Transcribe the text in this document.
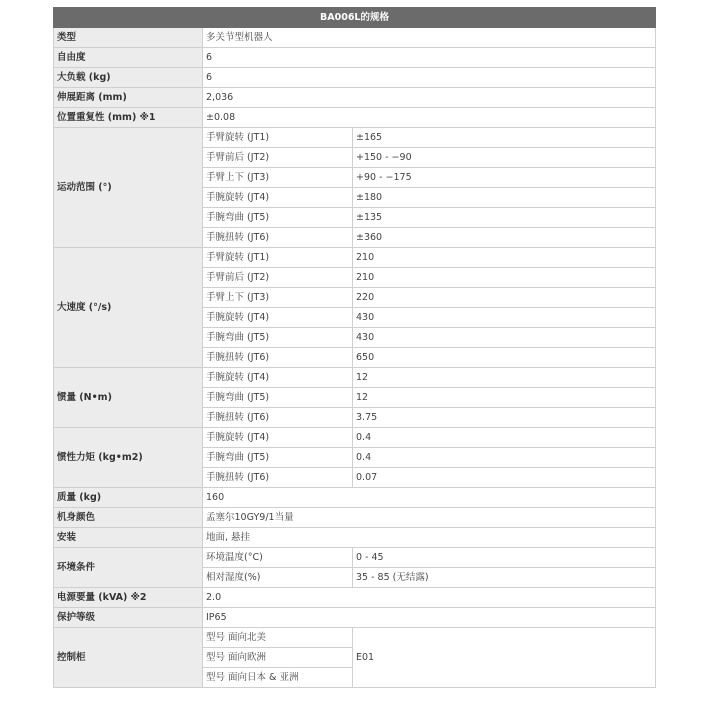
BA006L的规格		
类型	多关节型机器人	
自由度	6	
大负载 (kg)	6	
伸展距离 (mm)	2,036	
位置重复性 (mm) ※1	±0.08	
运动范围 (°)	手臂旋转 (JT1)	±165
	手臂前后 (JT2)	+150 - −90
	手臂上下 (JT3)	+90 - −175
	手腕旋转 (JT4)	±180
	手腕弯曲 (JT5)	±135
	手腕扭转 (JT6)	±360
大速度 (°/s)	手臂旋转 (JT1)	210
	手臂前后 (JT2)	210
	手臂上下 (JT3)	220
	手腕旋转 (JT4)	430
	手腕弯曲 (JT5)	430
	手腕扭转 (JT6)	650
惯量 (N•m)	手腕旋转 (JT4)	12
	手腕弯曲 (JT5)	12
	手腕扭转 (JT6)	3.75
惯性力矩 (kg•m2)	手腕旋转 (JT4)	0.4
	手腕弯曲 (JT5)	0.4
	手腕扭转 (JT6)	0.07
质量 (kg)	160	
机身颜色	孟塞尔10GY9/1当量	
安装	地面, 悬挂	
环境条件	环境温度(°C)	0 - 45
	相对湿度(%)	35 - 85 (无结露)
电源要量 (kVA) ※2	2.0	
保护等级	IP65	
控制柜	型号 面向北美	E01
	型号 面向欧洲	
	型号 面向日本 & 亚洲	
